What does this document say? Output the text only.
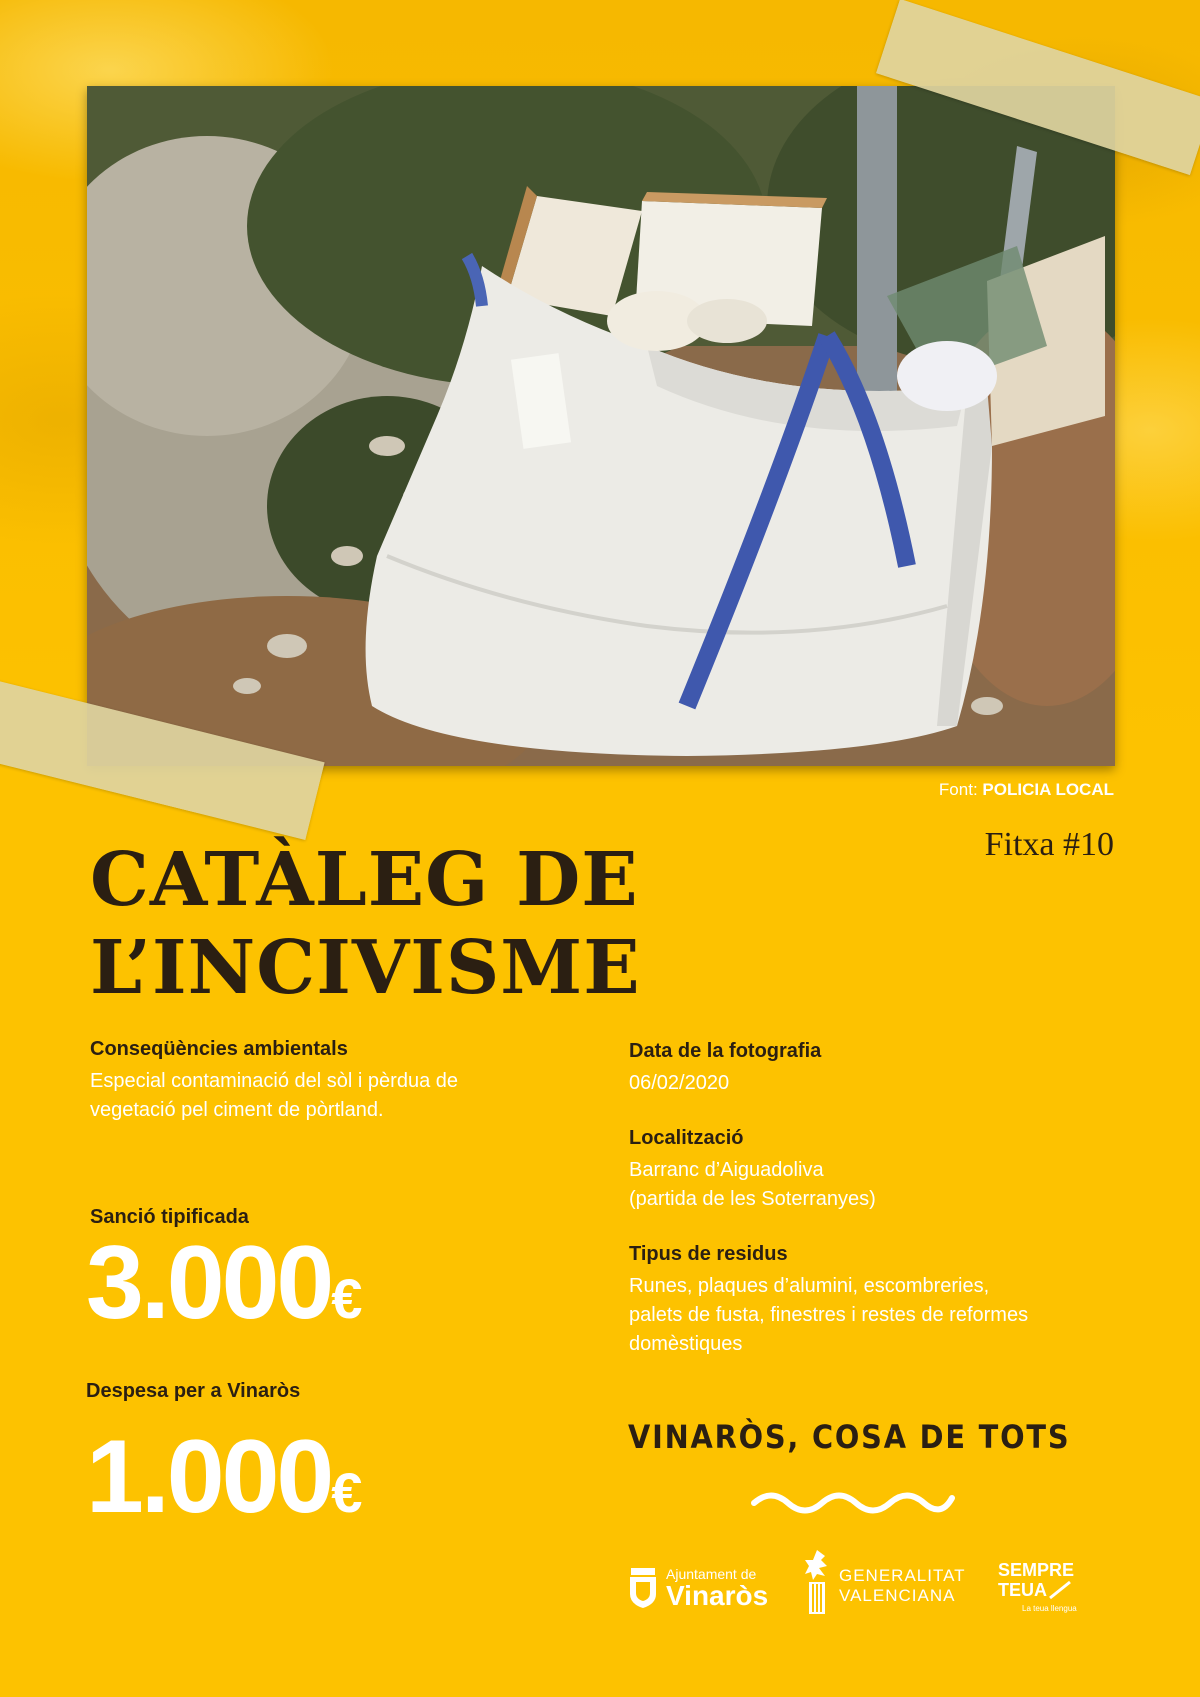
Font: POLICIA LOCAL
Fitxa #10
CATÀLEG DE
L’INCIVISME
Conseqüències ambientals
Especial contaminació del sòl i pèrdua de
vegetació pel ciment de pòrtland.
Sanció tipificada
3.000€
Despesa per a Vinaròs
1.000€
Data de la fotografia
06/02/2020
Localització
Barranc d’Aiguadoliva
(partida de les Soterranyes)
Tipus de residus
Runes, plaques d’alumini, escombreries,
palets de fusta, finestres i restes de reformes
domèstiques
VINARÒS, COSA DE TOTS
Ajuntament de
Vinaròs
GENERALITAT
VALENCIANA
SEMPRE
TEUA
La teua llengua
